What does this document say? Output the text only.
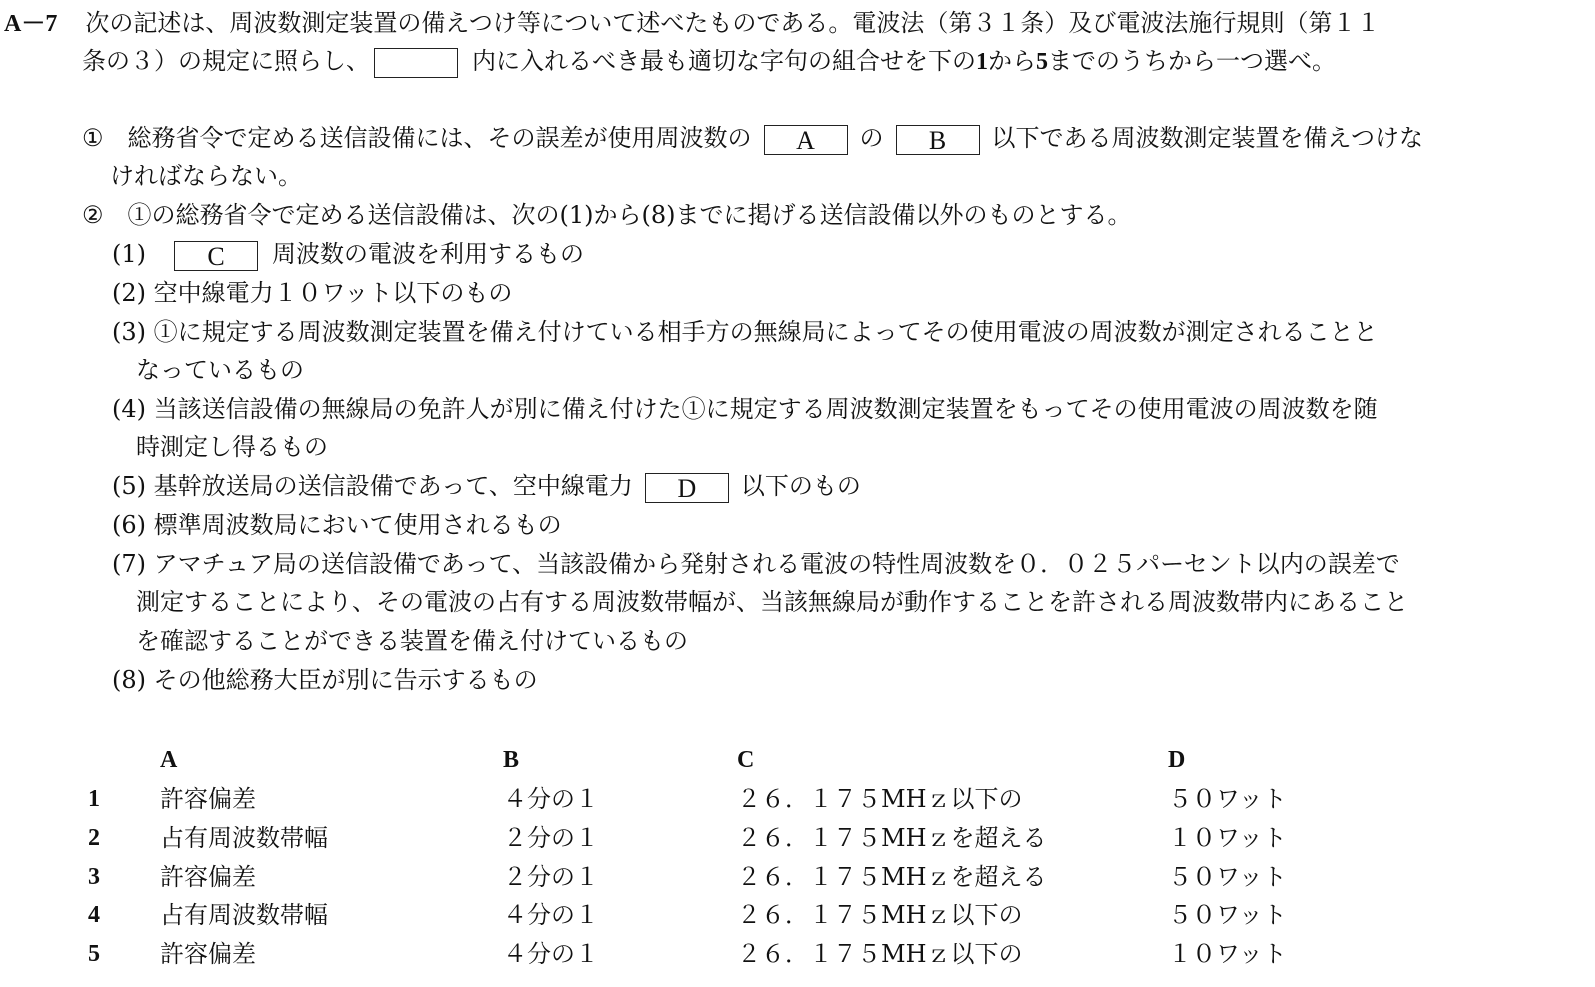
A－7 次の記述は、周波数測定装置の備えつけ等について述べたものである。電波法（第３１条）及び電波法施行規則（第１１
条の３）の規定に照らし、	内に入れるべき最も適切な字句の組合せを下の1から5までのうちから一つ選べ。
① 総務省令で定める送信設備には、その誤差が使用周波数の A の B 以下である周波数測定装置を備えつけな
ければならない。
② ①の総務省令で定める送信設備は、次の(1)から(8)までに掲げる送信設備以外のものとする。
(1) C 周波数の電波を利用するもの
(2) 空中線電力１０ワット以下のもの
(3) ①に規定する周波数測定装置を備え付けている相手方の無線局によってその使用電波の周波数が測定されることと
なっているもの
(4) 当該送信設備の無線局の免許人が別に備え付けた①に規定する周波数測定装置をもってその使用電波の周波数を随
時測定し得るもの
(5) 基幹放送局の送信設備であって、空中線電力 D 以下のもの
(6) 標準周波数局において使用されるもの
(7) アマチュア局の送信設備であって、当該設備から発射される電波の特性周波数を０．０２５パーセント以内の誤差で
測定することにより、その電波の占有する周波数帯幅が、当該無線局が動作することを許される周波数帯内にあること
を確認することができる装置を備え付けているもの
(8) その他総務大臣が別に告示するもの
A	B	C	D
1	許容偏差	４分の１	２６．１７５MHｚ以下の	５０ワット
2	占有周波数帯幅	２分の１	２６．１７５MHｚを超える	１０ワット
3	許容偏差	２分の１	２６．１７５MHｚを超える	５０ワット
4	占有周波数帯幅	４分の１	２６．１７５MHｚ以下の	５０ワット
5	許容偏差	４分の１	２６．１７５MHｚ以下の	１０ワット
